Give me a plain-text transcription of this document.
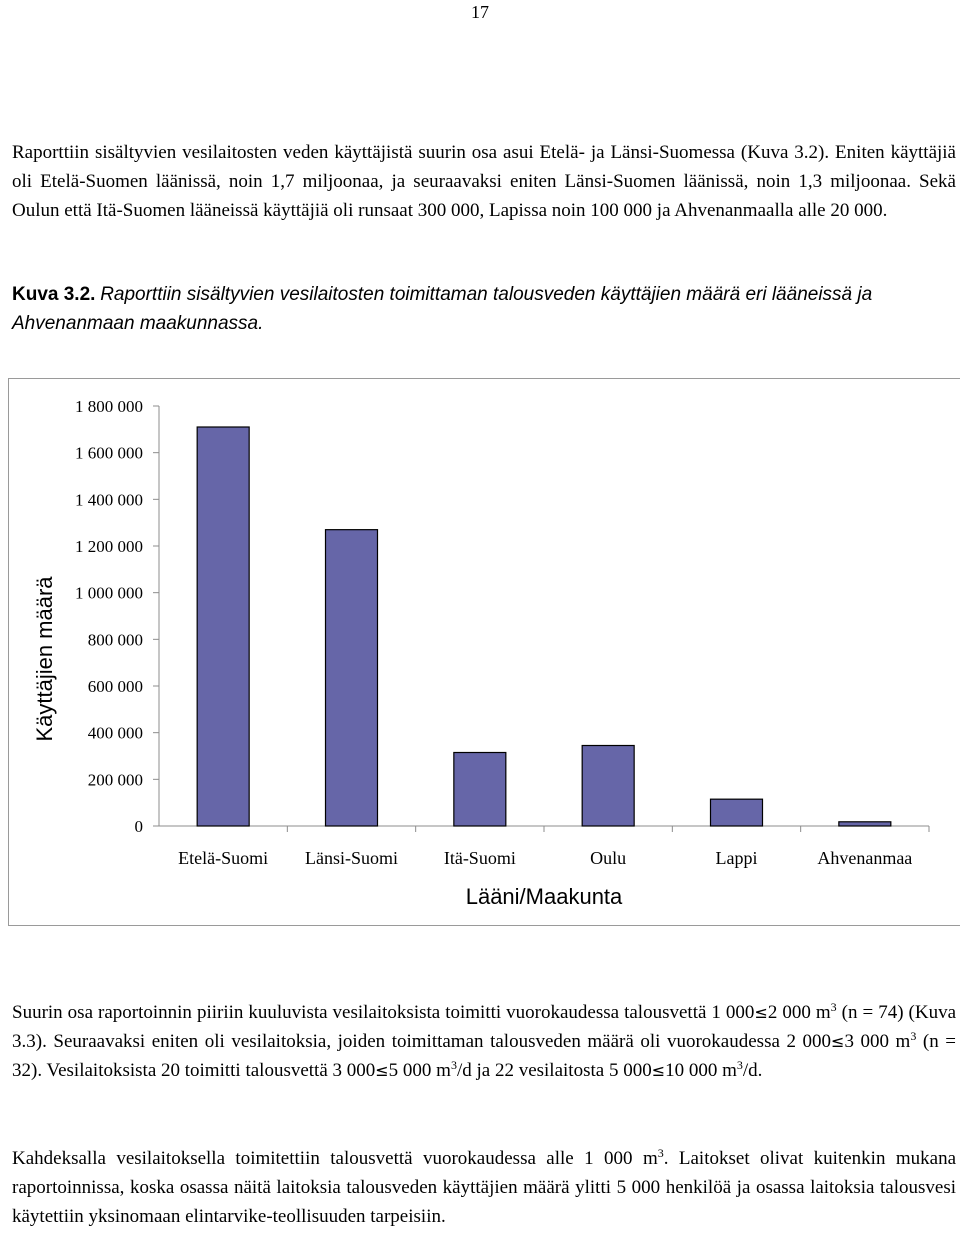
17

Raporttiin sisältyvien vesilaitosten veden käyttäjistä suurin osa asui Etelä- ja Länsi-Suomessa (Kuva 3.2). Eniten käyttäjiä oli Etelä-Suomen läänissä, noin 1,7 miljoonaa, ja seuraavaksi eniten Länsi-Suomen läänissä, noin 1,3 miljoonaa. Sekä Oulun että Itä-Suomen lääneissä käyttäjiä oli runsaat 300 000, Lapissa noin 100 000 ja Ahvenanmaalla alle 20 000.

Kuva 3.2. Raporttiin sisältyvien vesilaitosten toimittaman talousveden käyttäjien määrä eri lääneissä ja Ahvenanmaan maakunnassa.
0
200 000
400 000
600 000
800 000
1 000 000
1 200 000
1 400 000
1 600 000
1 800 000
Etelä-Suomi Länsi-Suomi	Itä-Suomi	Oulu	Lappi	Ahvenanmaa
Käyttäjien määrä
Lääni/Maakunta

Suurin osa raportoinnin piiriin kuuluvista vesilaitoksista toimitti vuorokaudessa talousvettä 1 000≤2 000 $m^3$ (n = 74) (Kuva 3.3). Seuraavaksi eniten oli vesilaitoksia, joiden toimittaman talousveden määrä oli vuorokaudessa 2 000≤3 000 $m^3$ (n = 32). Vesilaitoksista 20 toimitti talousvettä 3 000≤5 000 $m^3/d$ ja 22 vesilaitosta 5 000≤10 000 $m^3/d$.

Kahdeksalla vesilaitoksella toimitettiin talousvettä vuorokaudessa alle 1 000 $m^3$. Laitokset olivat kuitenkin mukana raportoinnissa, koska osassa näitä laitoksia talousveden käyttäjien määrä ylitti 5 000 henkilöä ja osassa laitoksia talousvesi käytettiin yksinomaan elintarvike-teollisuuden tarpeisiin.
